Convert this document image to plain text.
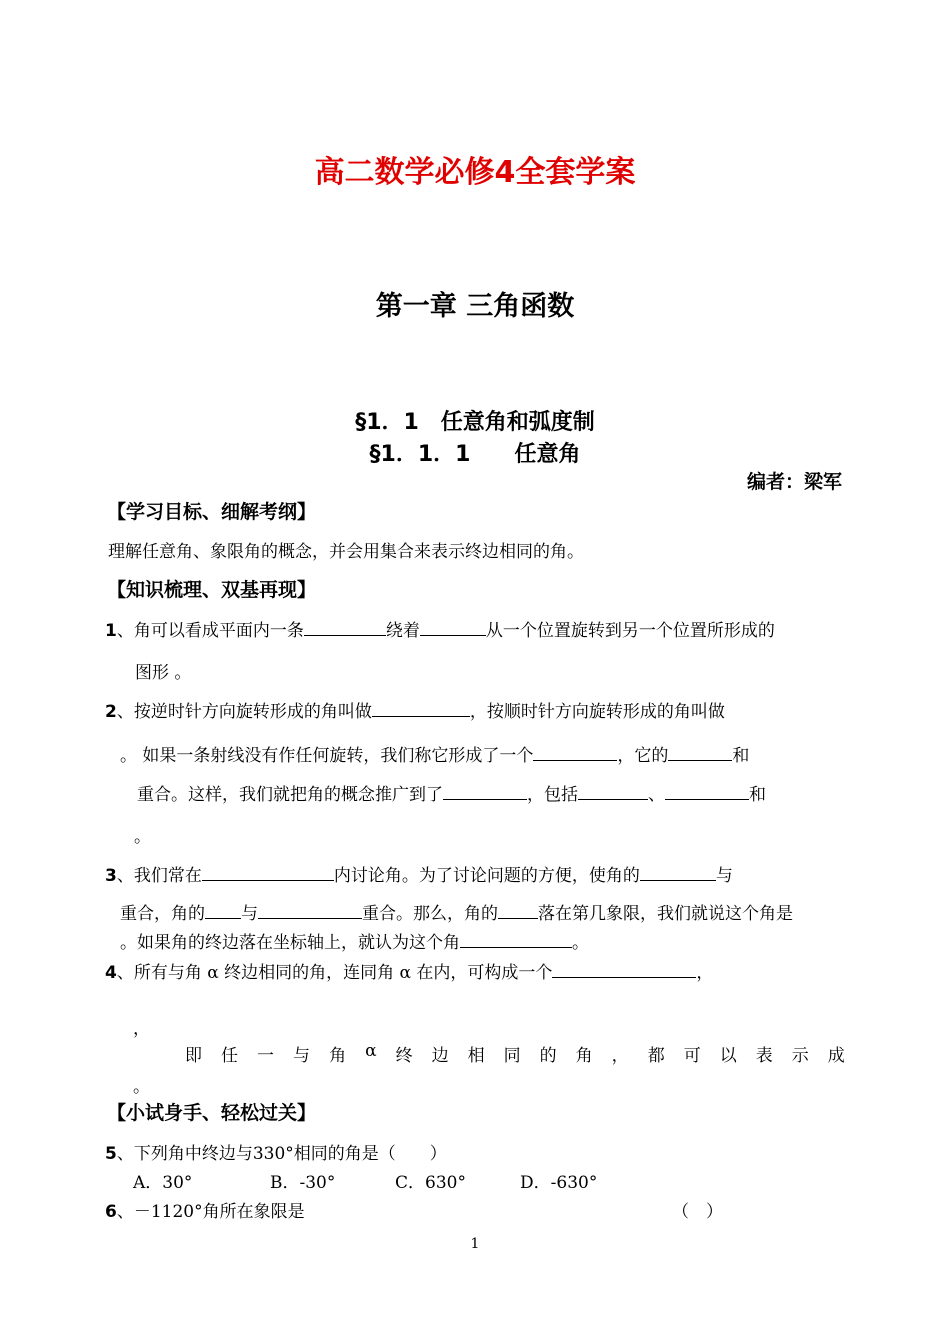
高二数学必修4全套学案
第一章 三角函数
§1．1　任意角和弧度制
§1．1．1　　任意角
编者：梁军
【学习目标、细解考纲】
理解任意角、象限角的概念，并会用集合来表示终边相同的角。
【知识梳理、双基再现】
1、角可以看成平面内一条	绕着	从一个位置旋转到另一个位置所形成的
图形 。
2、按逆时针方向旋转形成的角叫做	，按顺时针方向旋转形成的角叫做
。 如果一条射线没有作任何旋转，我们称它形成了一个	，它的	和
重合。这样，我们就把角的概念推广到了	，包括	、	和
。
3、我们常在	内讨论角。为了讨论问题的方便，使角的	与
重合，角的 与	重合。那么，角的 落在第几象限，我们就说这个角是
。如果角的终边落在坐标轴上，就认为这个角	。
4、所有与角 α 终边相同的角，连同角 α 在内，可构成一个	，
，
即 任 一 与 角 α 终 边 相 同 的 角 ， 都 可 以 表 示 成
。
【小试身手、轻松过关】
5、下列角中终边与330°相同的角是（　　）
A．30°	B．-30°	C．630°	D．-630°
6、－1120°角所在象限是	（　）
1
